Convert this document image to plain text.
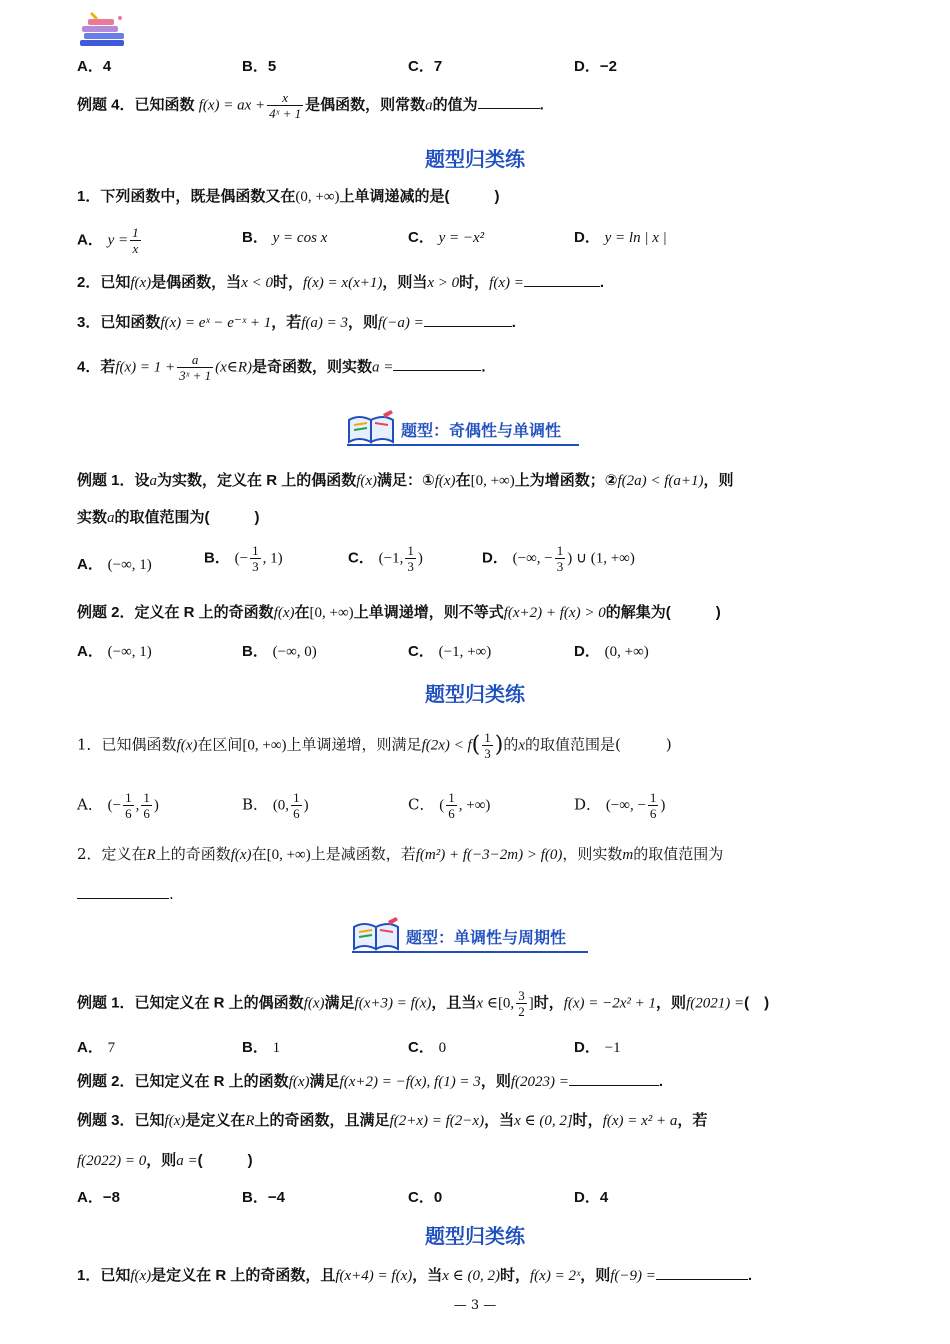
A．4	B．5	C．7	D．−2
例题 4．已知函数 f(x) = ax + $\frac{x}{\text{4ˣ + 1}}$ 是偶函数，则常数a的值为	.
题型归类练
1．下列函数中，既是偶函数又在(0, +∞)上单调递减的是(　　　)
A． $y = \frac{1}{x}$	B． y = cos x	C． y = −x²	D． y = ln | x |
2．已知f(x)是偶函数，当x < 0时，f(x) = x(x+1)，则当x > 0时，f(x) =	.
3．已知函数f(x) = eˣ − e⁻ˣ + 1，若f(a) = 3，则f(−a) =	.
4．若$f(x) = 1 + \frac{a}{\text{3ˣ + 1}}$ (x∈R)是奇函数，则实数a =	.
题型：奇偶性与单调性
例题 1．设a为实数，定义在 R 上的偶函数f(x)满足：①f(x)在[0, +∞)上为增函数；②f(2a) < f(a+1)，则
实数a的取值范围为(　　　)
A． (−∞, 1)	B． (− $\frac{1}{3}$ , 1)	C． (−1, $\frac{1}{3}$ )	D． (−∞, − $\frac{1}{3}$ ) ∪ (1, +∞)
例题 2．定义在 R 上的奇函数f(x)在[0, +∞)上单调递增，则不等式f(x+2) + f(x) > 0的解集为(　　　)
A． (−∞, 1)	B． (−∞, 0)	C． (−1, +∞)	D． (0, +∞)
题型归类练
1．已知偶函数f(x)在区间[0, +∞)上单调递增，则满足$f(2x) < f( \frac{1}{3}$ )的x的取值范围是(　　　)
A． (− $\frac{1}{6}$ , $\frac{1}{6}$ )	B． (0, $\frac{1}{6}$ )	C． ( $\frac{1}{6}$ , +∞)	D． (−∞, − $\frac{1}{6}$ )
2．定义在R上的奇函数f(x)在[0, +∞)上是减函数，若f(m²) + f(−3−2m) > f(0)，则实数m的取值范围为
.
题型：单调性与周期性
例题 1．已知定义在 R 上的偶函数f(x)满足f(x+3) = f(x)，且当x ∈[0, $\frac{3}{2}$ ]时，f(x) = −2x² + 1，则f(2021) =(　)
A． 7	B． 1	C． 0	D． −1
例题 2．已知定义在 R 上的函数f(x)满足f(x+2) = −f(x), f(1) = 3，则f(2023) =	.
例题 3．已知f(x)是定义在R上的奇函数，且满足f(2+x) = f(2−x)，当x ∈ (0, 2]时，f(x) = x² + a，若
f(2022) = 0，则a =(　　　)
A．−8	B．−4	C．0	D．4
题型归类练
1．已知f(x)是定义在 R 上的奇函数，且f(x+4) = f(x)，当x ∈ (0, 2)时，f(x) = 2ˣ，则f(−9) =	.
— 3 —
